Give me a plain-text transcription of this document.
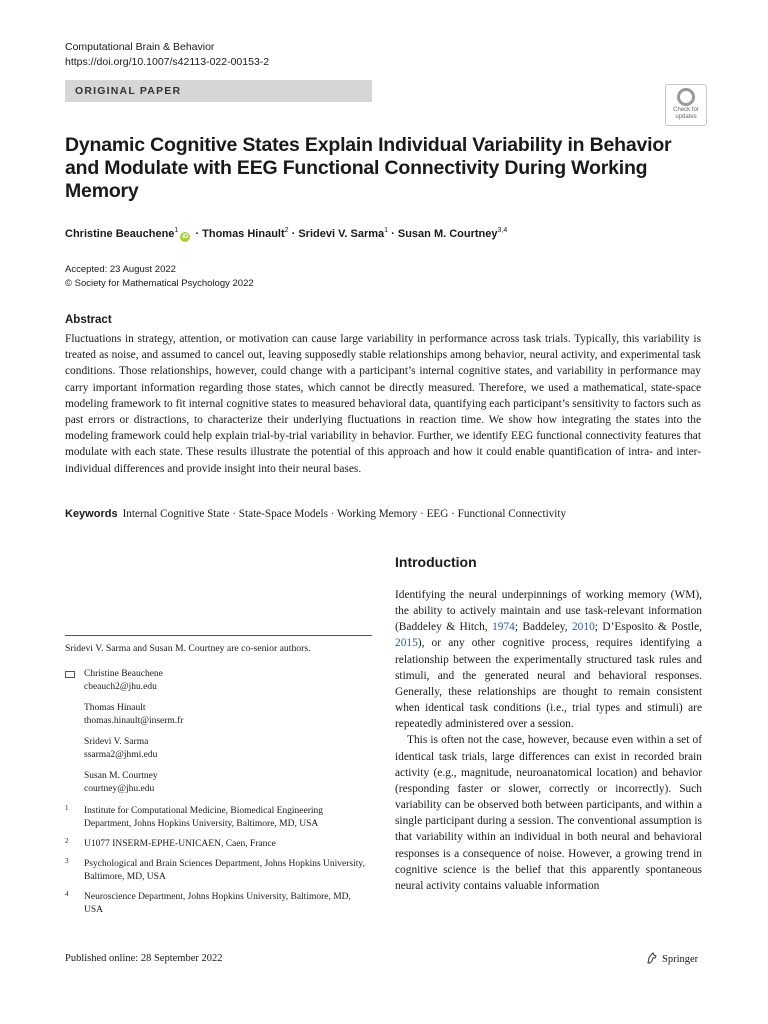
Computational Brain & Behavior
https://doi.org/10.1007/s42113-022-00153-2
ORIGINAL PAPER
Check for
updates
Dynamic Cognitive States Explain Individual Variability in Behavior and Modulate with EEG Functional Connectivity During Working Memory
Christine Beauchene$^1$iD · Thomas Hinault$^2$ · Sridevi V. Sarma$^1$ · Susan M. Courtney$^{3,4}$
Accepted: 23 August 2022
© Society for Mathematical Psychology 2022
Abstract
Fluctuations in strategy, attention, or motivation can cause large variability in performance across task trials. Typically, this variability is treated as noise, and assumed to cancel out, leaving supposedly stable relationships among behavior, neural activity, and experimental task conditions. Those relationships, however, could change with a participant’s internal cognitive states, and variability in performance may carry important information regarding those states, which cannot be directly measured. Therefore, we used a mathematical, state-space modeling framework to fit internal cognitive states to measured behavioral data, quantifying each participant’s sensitivity to factors such as past errors or distractions, to characterize their underlying fluctuations in reaction time. We show how integrating the states into the modeling framework could help explain trial-by-trial variability in behavior. Further, we identify EEG functional connectivity features that modulate with each state. These results illustrate the potential of this approach and how it could enable quantification of intra- and inter-individual differences and provide insight into their neural bases.
Keywords Internal Cognitive State · State-Space Models · Working Memory · EEG · Functional Connectivity
Introduction

Identifying the neural underpinnings of working memory (WM), the ability to actively maintain and use task-relevant information (Baddeley & Hitch, 1974; Baddeley, 2010; D’Esposito & Postle, 2015), or any other cognitive process, requires identifying a relationship between the experimentally structured task rules and stimuli, and the generated neural and behavioral responses. Generally, these relationships are thought to remain consistent when identical task conditions (i.e., trial types and stimuli) are repeatedly administered over a session.

This is often not the case, however, because even within a set of identical task trials, large differences can exist in recorded brain activity (e.g., magnitude, neuroanatomical location) and behavior (responding faster or slower, correctly or incorrectly). Such variability can be observed both between participants, and within a single participant during a session. The conventional assumption is that variability within an individual in both neural and behavioral responses is a consequence of noise. However, a growing trend in cognitive science is the belief that this apparently spontaneous neural activity contains valuable information

Sridevi V. Sarma and Susan M. Courtney are co-senior authors.
Christine Beauchene
cbeauch2@jhu.edu
Thomas Hinault
thomas.hinault@inserm.fr
Sridevi V. Sarma
ssarma2@jhmi.edu
Susan M. Courtney
courtney@jhu.edu
1 Institute for Computational Medicine, Biomedical Engineering Department, Johns Hopkins University, Baltimore, MD, USA
2 U1077 INSERM-EPHE-UNICAEN, Caen, France
3 Psychological and Brain Sciences Department, Johns Hopkins University, Baltimore, MD, USA
4 Neuroscience Department, Johns Hopkins University, Baltimore, MD, USA
Published online: 28 September 2022	Springer
